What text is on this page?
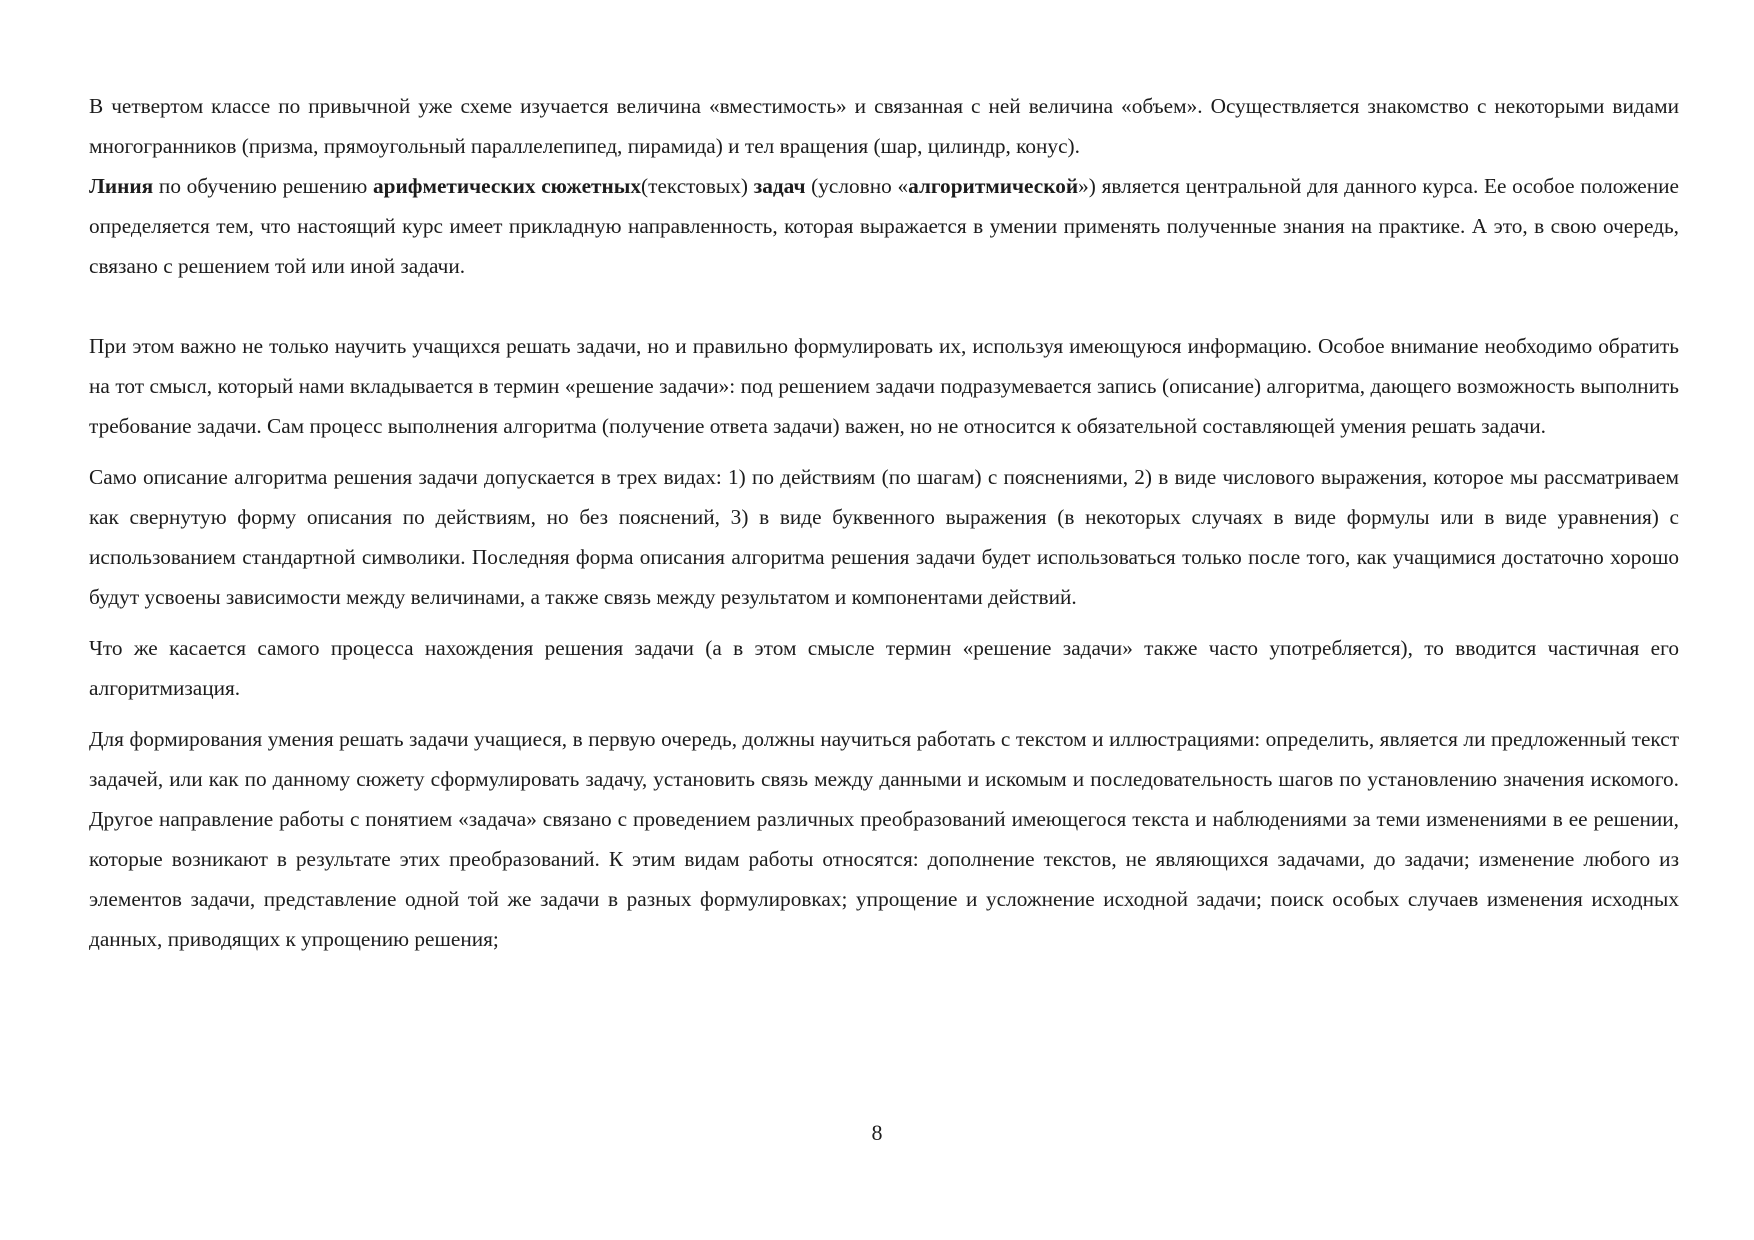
В четвертом классе по привычной уже схеме изучается величина «вместимость» и связанная с ней величина «объем». Осуществляется знакомство с некоторыми видами многогранников (призма, прямоугольный параллелепипед, пирамида) и тел вращения (шар, цилиндр, конус).

Линия по обучению решению арифметических сюжетных(текстовых) задач (условно «алгоритмической») является центральной для данного курса. Ее особое положение определяется тем, что настоящий курс имеет прикладную направленность, которая выражается в умении применять полученные знания на практике. А это, в свою очередь, связано с решением той или иной задачи.

При этом важно не только научить учащихся решать задачи, но и правильно формулировать их, используя имеющуюся информацию. Особое внимание необходимо обратить на тот смысл, который нами вкладывается в термин «решение задачи»: под решением задачи подразумевается запись (описание) алгоритма, дающего возможность выполнить требование задачи. Сам процесс выполнения алгоритма (получение ответа задачи) важен, но не относится к обязательной составляющей умения решать задачи.

Само описание алгоритма решения задачи допускается в трех видах: 1) по действиям (по шагам) с пояснениями, 2) в виде числового выражения, которое мы рассматриваем как свернутую форму описания по действиям, но без пояснений, 3) в виде буквенного выражения (в некоторых случаях в виде формулы или в виде уравнения) с использованием стандартной символики. Последняя форма описания алгоритма решения задачи будет использоваться только после того, как учащимися достаточно хорошо будут усвоены зависимости между величинами, а также связь между результатом и компонентами действий.

Что же касается самого процесса нахождения решения задачи (а в этом смысле термин «решение задачи» также часто употребляется), то вводится частичная его алгоритмизация.

Для формирования умения решать задачи учащиеся, в первую очередь, должны научиться работать с текстом и иллюстрациями: определить, является ли предложенный текст задачей, или как по данному сюжету сформулировать задачу, установить связь между данными и искомым и последовательность шагов по установлению значения искомого. Другое направление работы с понятием «задача» связано с проведением различных преобразований имеющегося текста и наблюдениями за теми изменениями в ее решении, которые возникают в результате этих преобразований. К этим видам работы относятся: дополнение текстов, не являющихся задачами, до задачи; изменение любого из элементов задачи, представление одной той же задачи в разных формулировках; упрощение и усложнение исходной задачи; поиск особых случаев изменения исходных данных, приводящих к упрощению решения;

8
